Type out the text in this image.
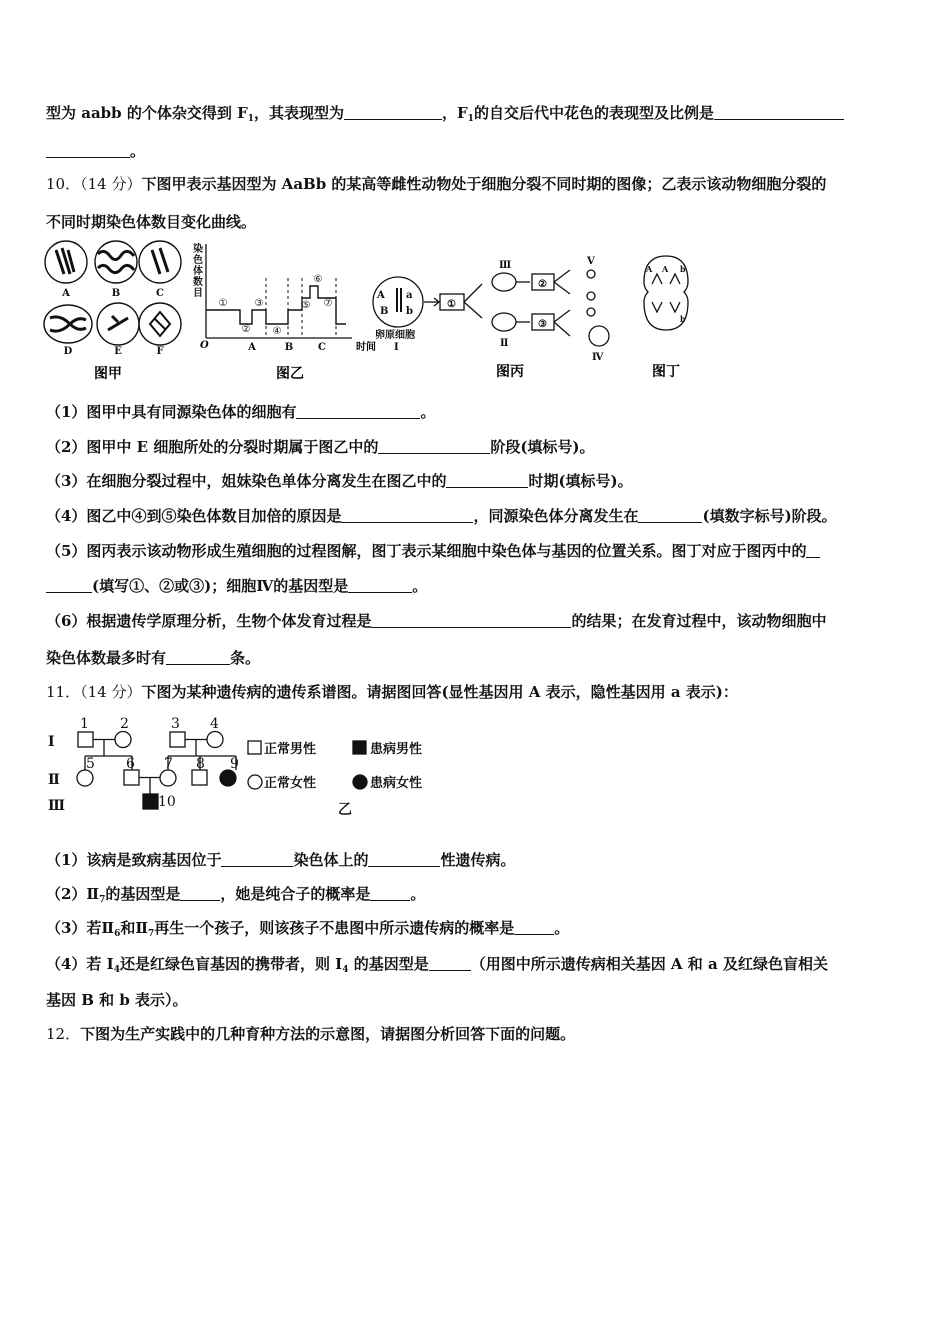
型为 aabb 的个体杂交得到 $F_1$，其表现型为	，$F_1$的自交后代中花色的表现型及比例是
。
10．（14 分）下图甲表示基因型为 AaBb 的某高等雌性动物处于细胞分裂不同时期的图像；乙表示该动物细胞分裂的
不同时期染色体数目变化曲线。
A	B	C
D	E	F
图甲
染
色
体
数
目
①
②
③
④
⑤
⑥
⑦
O	A	B C	时间
图乙
A a
B b
卵原细胞
Ⅰ
①
②
③
Ⅲ
Ⅱ
Ⅴ
Ⅳ
图丙
A A b
b
图丁
（1）图甲中具有同源染色体的细胞有	。
（2）图甲中 E 细胞所处的分裂时期属于图乙中的	阶段(填标号)。
（3）在细胞分裂过程中，姐妹染色单体分离发生在图乙中的	时期(填标号)。
（4）图乙中④到⑤染色体数目加倍的原因是	，同源染色体分离发生在	(填数字标号)阶段。
（5）图丙表示该动物形成生殖细胞的过程图解，图丁表示某细胞中染色体与基因的位置关系。图丁对应于图丙中的
(填写①、②或③)；细胞Ⅳ的基因型是	。
（6）根据遗传学原理分析，生物个体发育过程是	的结果；在发育过程中，该动物细胞中
染色体数最多时有	条。
11．（14 分）下图为某种遗传病的遗传系谱图。请据图回答(显性基因用 A 表示，隐性基因用 a 表示)：
Ⅰ
Ⅱ
Ⅲ
1 2	3 4
5 6 7 8 9
10
正常男性	患病男性
正常女性	患病女性
乙
（1）该病是致病基因位于	染色体上的	性遗传病。
$(2)Ⅱ_7$的基因型是	，她是纯合子的概率是	。
（3）若$Ⅱ_6$和$Ⅱ_7$再生一个孩子，则该孩子不患图中所示遗传病的概率是	。
（4）若 $I_4$还是红绿色盲基因的携带者，则 $I_4$ 的基因型是	（用图中所示遗传病相关基因 A 和 a 及红绿色盲相关
基因 B 和 b 表示）。
12．下图为生产实践中的几种育种方法的示意图，请据图分析回答下面的问题。
